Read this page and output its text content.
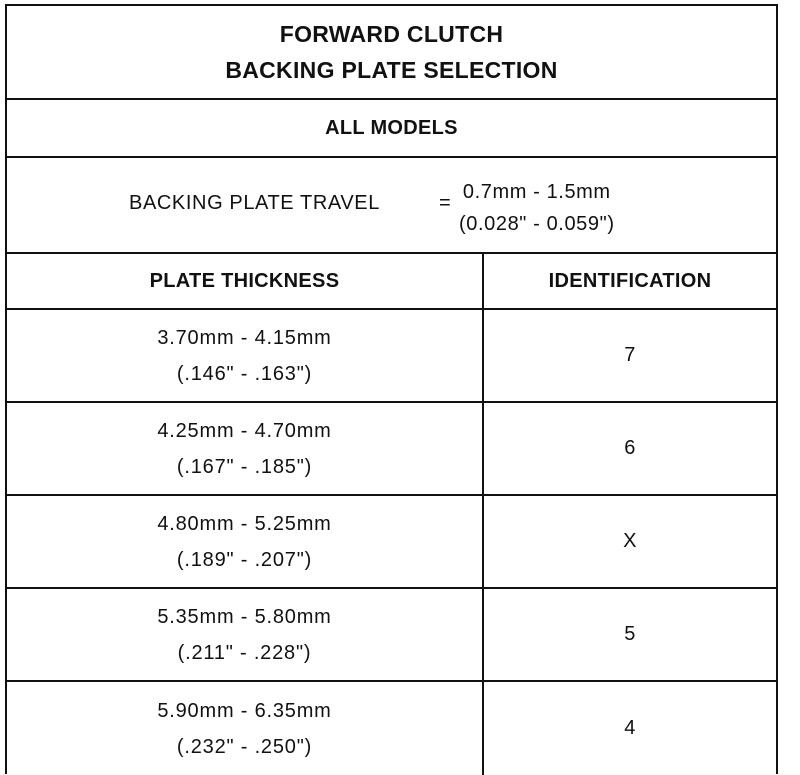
FORWARD CLUTCH
BACKING PLATE SELECTION
ALL MODELS
BACKING PLATE TRAVEL	= 0.7mm - 1.5mm
(0.028" - 0.059")
PLATE THICKNESS	IDENTIFICATION
3.70mm - 4.15mm
(.146" - .163")
7
4.25mm - 4.70mm
(.167" - .185")
6
4.80mm - 5.25mm
(.189" - .207")
X
5.35mm - 5.80mm
(.211" - .228")
5
5.90mm - 6.35mm
(.232" - .250")
4
